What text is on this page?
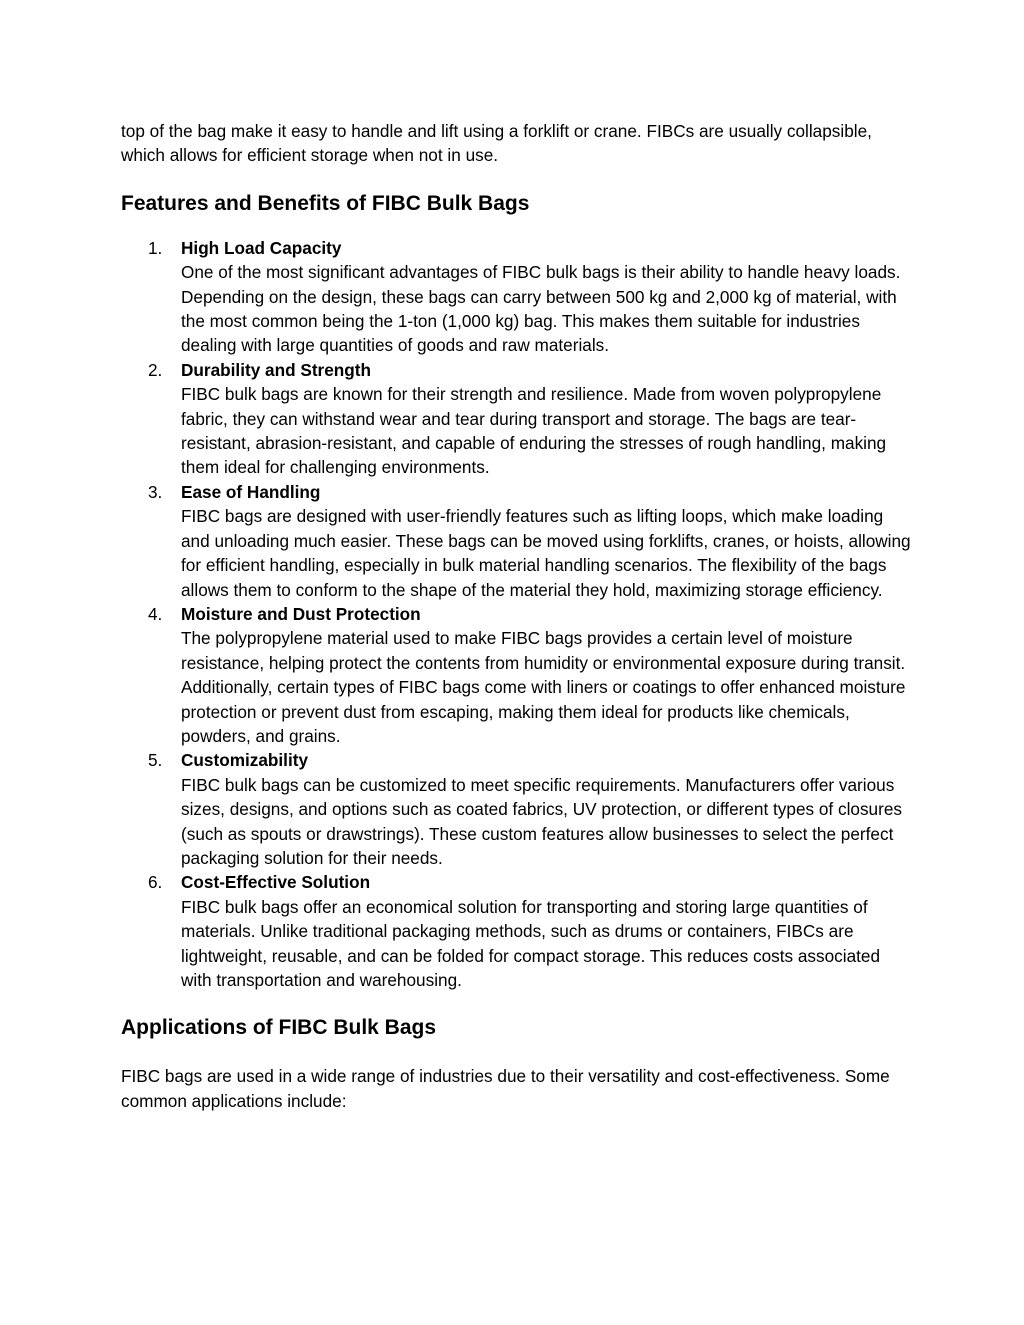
top of the bag make it easy to handle and lift using a forklift or crane. FIBCs are usually collapsible, which allows for efficient storage when not in use.

Features and Benefits of FIBC Bulk Bags
1. High Load Capacity
One of the most significant advantages of FIBC bulk bags is their ability to handle heavy loads. Depending on the design, these bags can carry between 500 kg and 2,000 kg of material, with the most common being the 1-ton (1,000 kg) bag. This makes them suitable for industries dealing with large quantities of goods and raw materials.
2. Durability and Strength
FIBC bulk bags are known for their strength and resilience. Made from woven polypropylene fabric, they can withstand wear and tear during transport and storage. The bags are tear-resistant, abrasion-resistant, and capable of enduring the stresses of rough handling, making them ideal for challenging environments.
3. Ease of Handling
FIBC bags are designed with user-friendly features such as lifting loops, which make loading and unloading much easier. These bags can be moved using forklifts, cranes, or hoists, allowing for efficient handling, especially in bulk material handling scenarios. The flexibility of the bags allows them to conform to the shape of the material they hold, maximizing storage efficiency.
4. Moisture and Dust Protection
The polypropylene material used to make FIBC bags provides a certain level of moisture resistance, helping protect the contents from humidity or environmental exposure during transit. Additionally, certain types of FIBC bags come with liners or coatings to offer enhanced moisture protection or prevent dust from escaping, making them ideal for products like chemicals, powders, and grains.
5. Customizability
FIBC bulk bags can be customized to meet specific requirements. Manufacturers offer various sizes, designs, and options such as coated fabrics, UV protection, or different types of closures (such as spouts or drawstrings). These custom features allow businesses to select the perfect packaging solution for their needs.
6. Cost-Effective Solution
FIBC bulk bags offer an economical solution for transporting and storing large quantities of materials. Unlike traditional packaging methods, such as drums or containers, FIBCs are lightweight, reusable, and can be folded for compact storage. This reduces costs associated with transportation and warehousing.
Applications of FIBC Bulk Bags

FIBC bags are used in a wide range of industries due to their versatility and cost-effectiveness. Some common applications include:
